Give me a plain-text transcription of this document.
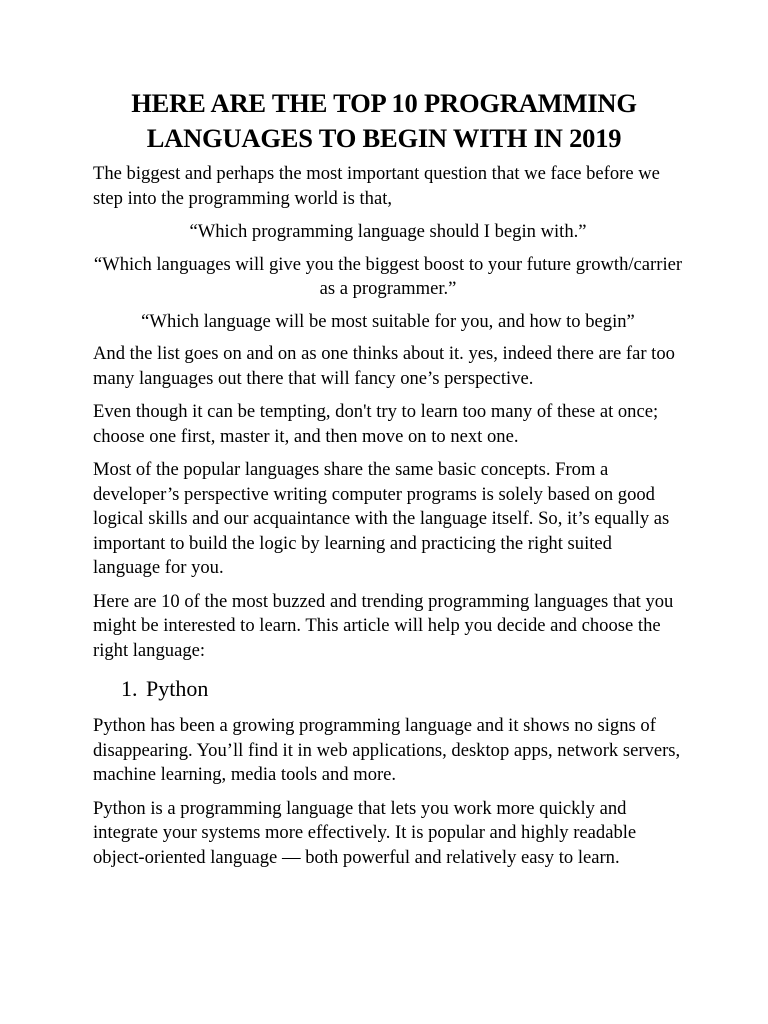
HERE ARE THE TOP 10 PROGRAMMING LANGUAGES TO BEGIN WITH IN 2019

The biggest and perhaps the most important question that we face before we step into the programming world is that,

“Which programming language should I begin with.”

“Which languages will give you the biggest boost to your future growth/carrier as a programmer.”

“Which language will be most suitable for you, and how to begin”

And the list goes on and on as one thinks about it. yes, indeed there are far too many languages out there that will fancy one’s perspective.

Even though it can be tempting, don't try to learn too many of these at once; choose one first, master it, and then move on to next one.

Most of the popular languages share the same basic concepts. From a developer’s perspective writing computer programs is solely based on good logical skills and our acquaintance with the language itself. So, it’s equally as important to build the logic by learning and practicing the right suited language for you.

Here are 10 of the most buzzed and trending programming languages that you might be interested to learn. This article will help you decide and choose the right language:

1. Python

Python has been a growing programming language and it shows no signs of disappearing. You’ll find it in web applications, desktop apps, network servers, machine learning, media tools and more.

Python is a programming language that lets you work more quickly and integrate your systems more effectively. It is popular and highly readable object-oriented language — both powerful and relatively easy to learn.
